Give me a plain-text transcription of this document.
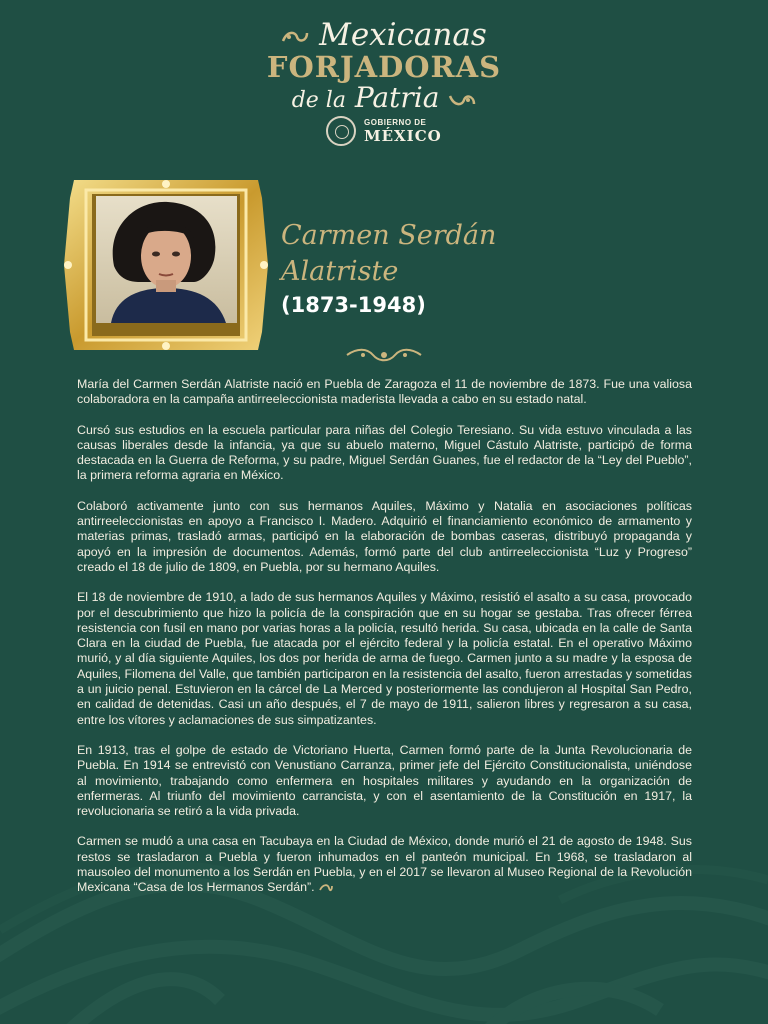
Mexicanas
FORJADORAS
de la Patria
GOBIERNO DE
MÉXICO
Carmen Serdán
Alatriste
(1873-1948)

María del Carmen Serdán Alatriste nació en Puebla de Zaragoza el 11 de noviembre de 1873. Fue una valiosa colaboradora en la campaña antirreeleccionista maderista llevada a cabo en su estado natal.

Cursó sus estudios en la escuela particular para niñas del Colegio Teresiano. Su vida estuvo vinculada a las causas liberales desde la infancia, ya que su abuelo materno, Miguel Cástulo Alatriste, participó de forma destacada en la Guerra de Reforma, y su padre, Miguel Serdán Guanes, fue el redactor de la “Ley del Pueblo”, la primera reforma agraria en México.

Colaboró activamente junto con sus hermanos Aquiles, Máximo y Natalia en asociaciones políticas antirreeleccionistas en apoyo a Francisco I. Madero. Adquirió el financiamiento económico de armamento y materias primas, trasladó armas, participó en la elaboración de bombas caseras, distribuyó propaganda y apoyó en la impresión de documentos. Además, formó parte del club antirreeleccionista “Luz y Progreso” creado el 18 de julio de 1809, en Puebla, por su hermano Aquiles.

El 18 de noviembre de 1910, a lado de sus hermanos Aquiles y Máximo, resistió el asalto a su casa, provocado por el descubrimiento que hizo la policía de la conspiración que en su hogar se gestaba. Tras ofrecer férrea resistencia con fusil en mano por varias horas a la policía, resultó herida. Su casa, ubicada en la calle de Santa Clara en la ciudad de Puebla, fue atacada por el ejército federal y la policía estatal. En el operativo Máximo murió, y al día siguiente Aquiles, los dos por herida de arma de fuego. Carmen junto a su madre y la esposa de Aquiles, Filomena del Valle, que también participaron en la resistencia del asalto, fueron arrestadas y sometidas a un juicio penal. Estuvieron en la cárcel de La Merced y posteriormente las condujeron al Hospital San Pedro, en calidad de detenidas. Casi un año después, el 7 de mayo de 1911, salieron libres y regresaron a su casa, entre los vítores y aclamaciones de sus simpatizantes.

En 1913, tras el golpe de estado de Victoriano Huerta, Carmen formó parte de la Junta Revolucionaria de Puebla. En 1914 se entrevistó con Venustiano Carranza, primer jefe del Ejército Constitucionalista, uniéndose al movimiento, trabajando como enfermera en hospitales militares y ayudando en la organización de enfermeras. Al triunfo del movimiento carrancista, y con el asentamiento de la Constitución en 1917, la revolucionaria se retiró a la vida privada.

Carmen se mudó a una casa en Tacubaya en la Ciudad de México, donde murió el 21 de agosto de 1948. Sus restos se trasladaron a Puebla y fueron inhumados en el panteón municipal. En 1968, se trasladaron al mausoleo del monumento a los Serdán en Puebla, y en el 2017 se llevaron al Museo Regional de la Revolución Mexicana “Casa de los Hermanos Serdán”.
